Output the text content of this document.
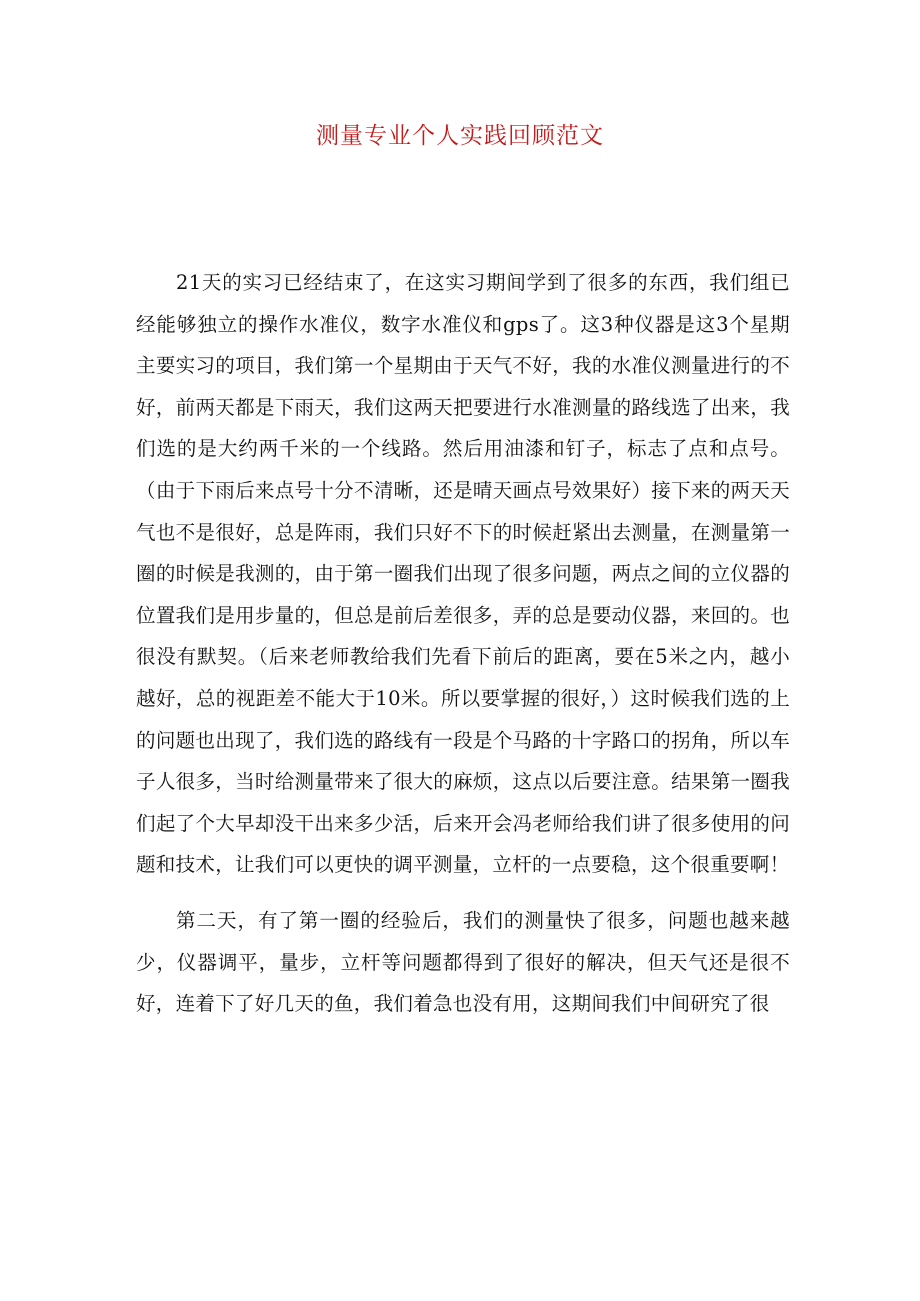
测量专业个人实践回顾范文

21天的实习已经结束了，在这实习期间学到了很多的东西，我们组已经能够独立的操作水准仪，数字水准仪和gps了。这3种仪器是这3个星期主要实习的项目，我们第一个星期由于天气不好，我的水准仪测量进行的不好，前两天都是下雨天，我们这两天把要进行水准测量的路线选了出来，我们选的是大约两千米的一个线路。然后用油漆和钉子，标志了点和点号。（由于下雨后来点号十分不清晰，还是晴天画点号效果好）接下来的两天天气也不是很好，总是阵雨，我们只好不下的时候赶紧出去测量，在测量第一圈的时候是我测的，由于第一圈我们出现了很多问题，两点之间的立仪器的位置我们是用步量的，但总是前后差很多，弄的总是要动仪器，来回的。也很没有默契。（后来老师教给我们先看下前后的距离，要在5米之内，越小越好，总的视距差不能大于10米。所以要掌握的很好，）这时候我们选的上的问题也出现了，我们选的路线有一段是个马路的十字路口的拐角，所以车子人很多，当时给测量带来了很大的麻烦，这点以后要注意。结果第一圈我们起了个大早却没干出来多少活，后来开会冯老师给我们讲了很多使用的问题和技术，让我们可以更快的调平测量，立杆的一点要稳，这个很重要啊！

第二天，有了第一圈的经验后，我们的测量快了很多，问题也越来越少，仪器调平，量步，立杆等问题都得到了很好的解决，但天气还是很不好，连着下了好几天的鱼，我们着急也没有用，这期间我们中间研究了很
